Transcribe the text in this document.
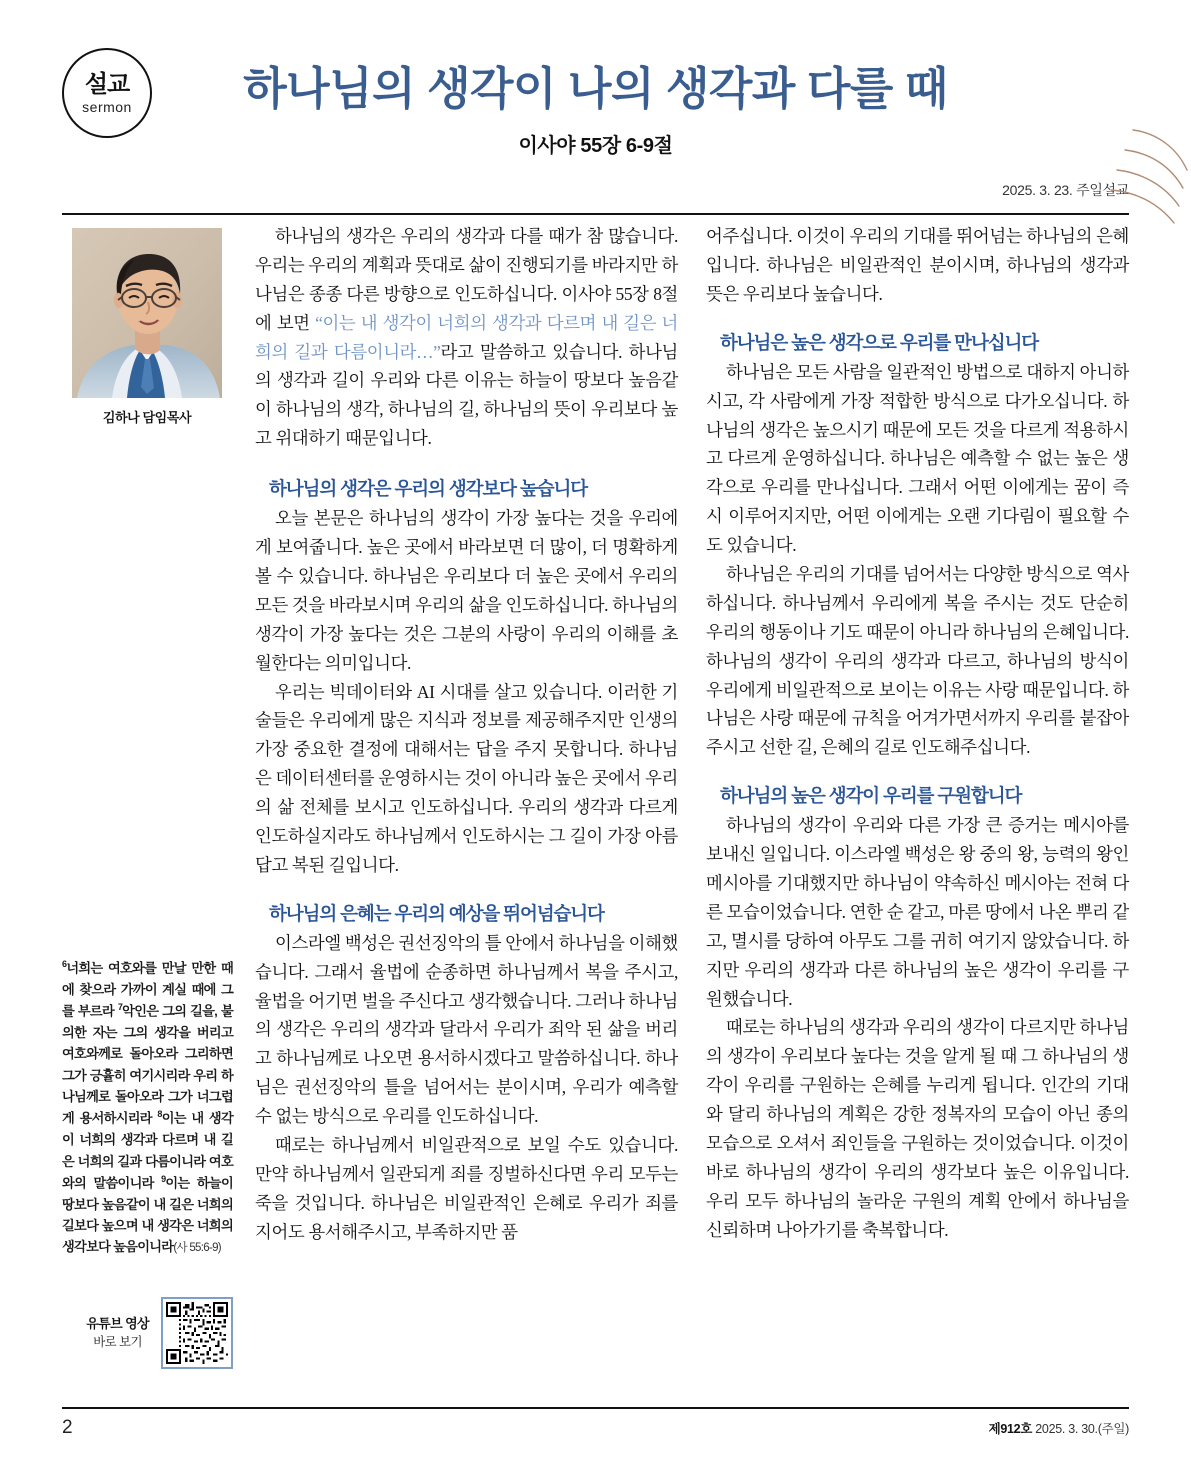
설교
sermon	하나님의 생각이 나의 생각과 다를 때
이사야 55장 6-9절
2025. 3. 23. 주일설교
김하나 담임목사
$^6$너희는 여호와를 만날 만한 때에 찾으라 가까이 계실 때에 그를 부르라 $^7$악인은 그의 길을, 불의한 자는 그의 생각을 버리고 여호와께로 돌아오라 그리하면 그가 긍휼히 여기시리라 우리 하나님께로 돌아오라 그가 너그럽게 용서하시리라 $^8$이는 내 생각이 너희의 생각과 다르며 내 길은 너희의 길과 다름이니라 여호와의 말씀이니라 $^9$이는 하늘이 땅보다 높음같이 내 길은 너희의 길보다 높으며 내 생각은 너희의 생각보다 높음이니라(사 55:6-9)
유튜브 영상
바로 보기

하나님의 생각은 우리의 생각과 다를 때가 참 많습니다. 우리는 우리의 계획과 뜻대로 삶이 진행되기를 바라지만 하나님은 종종 다른 방향으로 인도하십니다. 이사야 55장 8절에 보면 “이는 내 생각이 너희의 생각과 다르며 내 길은 너희의 길과 다름이니라…”라고 말씀하고 있습니다. 하나님의 생각과 길이 우리와 다른 이유는 하늘이 땅보다 높음같이 하나님의 생각, 하나님의 길, 하나님의 뜻이 우리보다 높고 위대하기 때문입니다.

하나님의 생각은 우리의 생각보다 높습니다

오늘 본문은 하나님의 생각이 가장 높다는 것을 우리에게 보여줍니다. 높은 곳에서 바라보면 더 많이, 더 명확하게 볼 수 있습니다. 하나님은 우리보다 더 높은 곳에서 우리의 모든 것을 바라보시며 우리의 삶을 인도하십니다. 하나님의 생각이 가장 높다는 것은 그분의 사랑이 우리의 이해를 초월한다는 의미입니다.

우리는 빅데이터와 AI 시대를 살고 있습니다. 이러한 기술들은 우리에게 많은 지식과 정보를 제공해주지만 인생의 가장 중요한 결정에 대해서는 답을 주지 못합니다. 하나님은 데이터센터를 운영하시는 것이 아니라 높은 곳에서 우리의 삶 전체를 보시고 인도하십니다. 우리의 생각과 다르게 인도하실지라도 하나님께서 인도하시는 그 길이 가장 아름답고 복된 길입니다.

하나님의 은혜는 우리의 예상을 뛰어넘습니다

이스라엘 백성은 권선징악의 틀 안에서 하나님을 이해했습니다. 그래서 율법에 순종하면 하나님께서 복을 주시고, 율법을 어기면 벌을 주신다고 생각했습니다. 그러나 하나님의 생각은 우리의 생각과 달라서 우리가 죄악 된 삶을 버리고 하나님께로 나오면 용서하시겠다고 말씀하십니다. 하나님은 권선징악의 틀을 넘어서는 분이시며, 우리가 예측할 수 없는 방식으로 우리를 인도하십니다.

때로는 하나님께서 비일관적으로 보일 수도 있습니다. 만약 하나님께서 일관되게 죄를 징벌하신다면 우리 모두는 죽을 것입니다. 하나님은 비일관적인 은혜로 우리가 죄를 지어도 용서해주시고, 부족하지만 품

어주십니다. 이것이 우리의 기대를 뛰어넘는 하나님의 은혜입니다. 하나님은 비일관적인 분이시며, 하나님의 생각과 뜻은 우리보다 높습니다.

하나님은 높은 생각으로 우리를 만나십니다

하나님은 모든 사람을 일관적인 방법으로 대하지 아니하시고, 각 사람에게 가장 적합한 방식으로 다가오십니다. 하나님의 생각은 높으시기 때문에 모든 것을 다르게 적용하시고 다르게 운영하십니다. 하나님은 예측할 수 없는 높은 생각으로 우리를 만나십니다. 그래서 어떤 이에게는 꿈이 즉시 이루어지지만, 어떤 이에게는 오랜 기다림이 필요할 수도 있습니다.

하나님은 우리의 기대를 넘어서는 다양한 방식으로 역사하십니다. 하나님께서 우리에게 복을 주시는 것도 단순히 우리의 행동이나 기도 때문이 아니라 하나님의 은혜입니다. 하나님의 생각이 우리의 생각과 다르고, 하나님의 방식이 우리에게 비일관적으로 보이는 이유는 사랑 때문입니다. 하나님은 사랑 때문에 규칙을 어겨가면서까지 우리를 붙잡아주시고 선한 길, 은혜의 길로 인도해주십니다.

하나님의 높은 생각이 우리를 구원합니다

하나님의 생각이 우리와 다른 가장 큰 증거는 메시아를 보내신 일입니다. 이스라엘 백성은 왕 중의 왕, 능력의 왕인 메시아를 기대했지만 하나님이 약속하신 메시아는 전혀 다른 모습이었습니다. 연한 순 같고, 마른 땅에서 나온 뿌리 같고, 멸시를 당하여 아무도 그를 귀히 여기지 않았습니다. 하지만 우리의 생각과 다른 하나님의 높은 생각이 우리를 구원했습니다.

때로는 하나님의 생각과 우리의 생각이 다르지만 하나님의 생각이 우리보다 높다는 것을 알게 될 때 그 하나님의 생각이 우리를 구원하는 은혜를 누리게 됩니다. 인간의 기대와 달리 하나님의 계획은 강한 정복자의 모습이 아닌 종의 모습으로 오셔서 죄인들을 구원하는 것이었습니다. 이것이 바로 하나님의 생각이 우리의 생각보다 높은 이유입니다. 우리 모두 하나님의 놀라운 구원의 계획 안에서 하나님을 신뢰하며 나아가기를 축복합니다.

2	제912호 2025. 3. 30.(주일)
